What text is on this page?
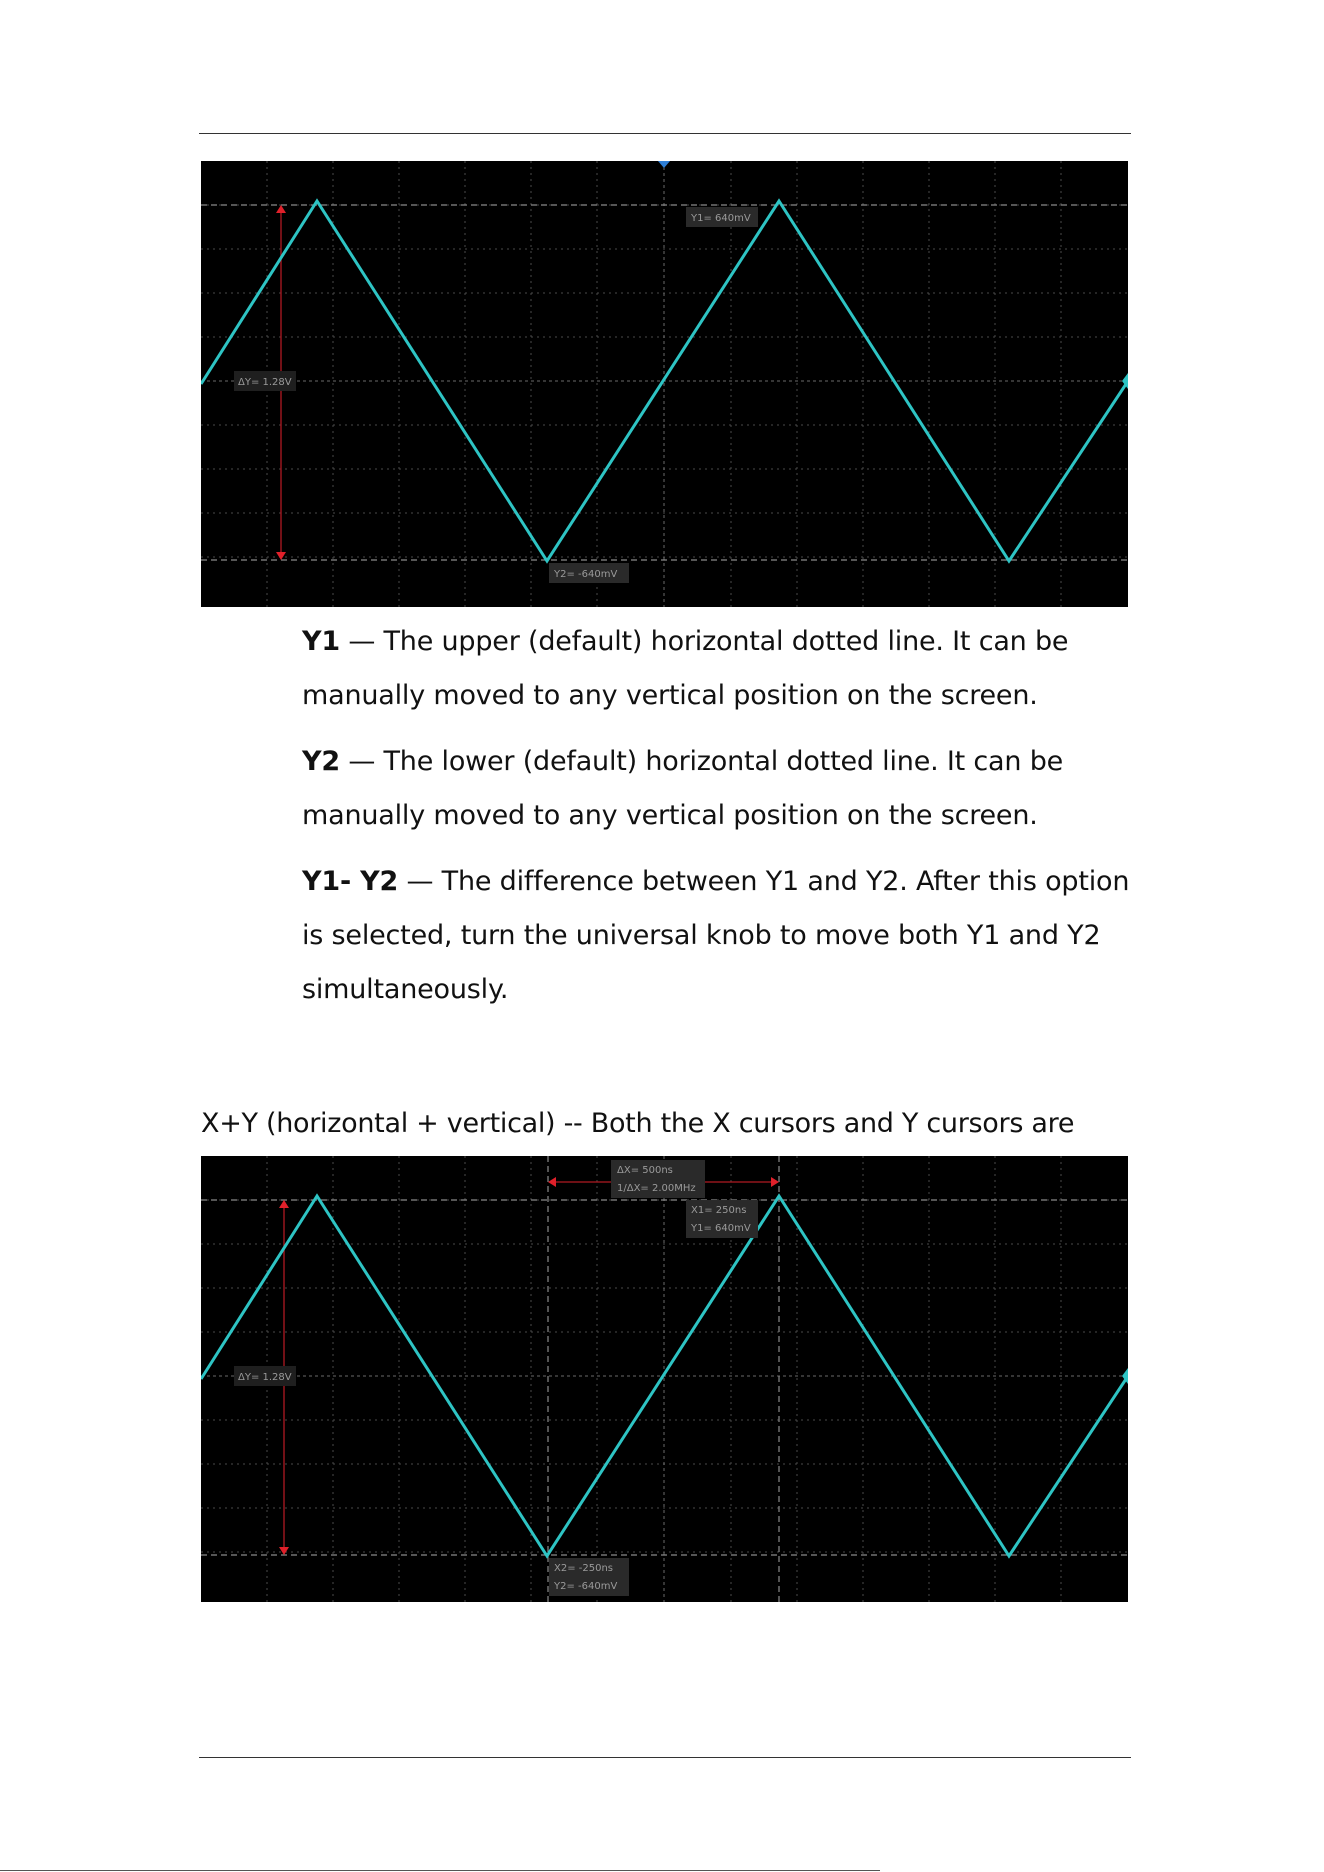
Y1= 640mV
ΔY= 1.28V
Y2= -640mV

Y1 — The upper (default) horizontal dotted line. It can be manually moved to any vertical position on the screen.

Y2 — The lower (default) horizontal dotted line. It can be manually moved to any vertical position on the screen.

Y1- Y2 — The difference between Y1 and Y2. After this option is selected, turn the universal knob to move both Y1 and Y2 simultaneously.

X+Y (horizontal + vertical) -- Both the X cursors and Y cursors are

ΔX= 500ns
1/ΔX= 2.00MHz
X1= 250ns
Y1= 640mV
ΔY= 1.28V
X2= -250ns
Y2= -640mV
